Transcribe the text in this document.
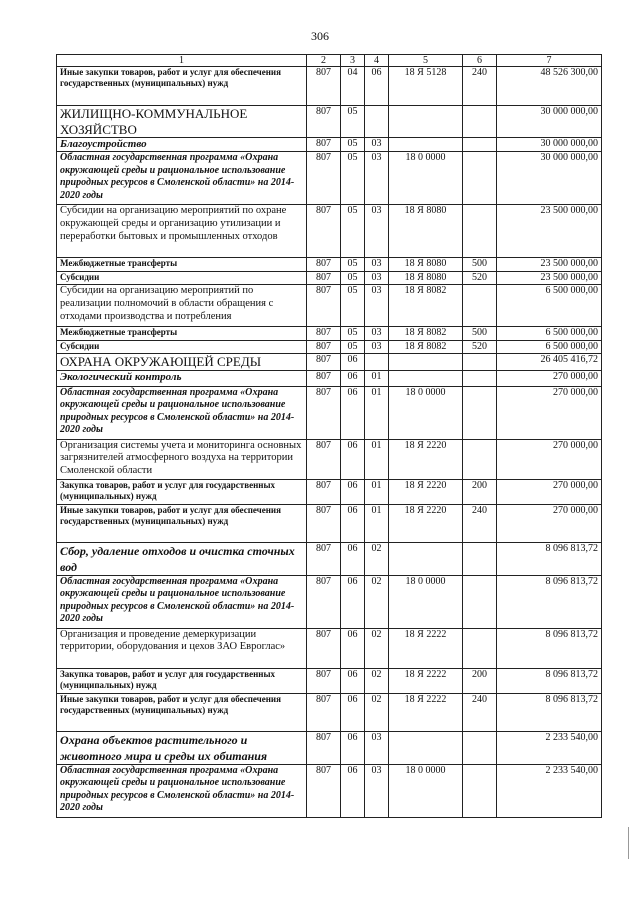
306
1	2	3	4	5	6	7
Иные закупки товаров, работ и услуг для обеспечения государственных (муниципальных) нужд	807	04	06	18 Я 5128	240	48 526 300,00
ЖИЛИЩНО-КОММУНАЛЬНОЕ ХОЗЯЙСТВО	807	05				30 000 000,00
Благоустройство	807	05	03			30 000 000,00
Областная государственная программа «Охрана окружающей среды и рациональное использование природных ресурсов в Смоленской области» на 2014-2020 годы	807	05	03	18 0 0000		30 000 000,00
Субсидии на организацию мероприятий по охране окружающей среды и организацию утилизации и переработки бытовых и промышленных отходов	807	05	03	18 Я 8080		23 500 000,00
Межбюджетные трансферты	807	05	03	18 Я 8080	500	23 500 000,00
Субсидии	807	05	03	18 Я 8080	520	23 500 000,00
Субсидии на организацию мероприятий по реализации полномочий в области обращения с отходами производства и потребления	807	05	03	18 Я 8082		6 500 000,00
Межбюджетные трансферты	807	05	03	18 Я 8082	500	6 500 000,00
Субсидии	807	05	03	18 Я 8082	520	6 500 000,00
ОХРАНА ОКРУЖАЮЩЕЙ СРЕДЫ	807	06				26 405 416,72
Экологический контроль	807	06	01			270 000,00
Областная государственная программа «Охрана окружающей среды и рациональное использование природных ресурсов в Смоленской области» на 2014-2020 годы	807	06	01	18 0 0000		270 000,00
Организация системы учета и мониторинга основных загрязнителей атмосферного воздуха на территории Смоленской области	807	06	01	18 Я 2220		270 000,00
Закупка товаров, работ и услуг для государственных (муниципальных) нужд	807	06	01	18 Я 2220	200	270 000,00
Иные закупки товаров, работ и услуг для обеспечения государственных (муниципальных) нужд	807	06	01	18 Я 2220	240	270 000,00
Сбор, удаление отходов и очистка сточных вод	807	06	02			8 096 813,72
Областная государственная программа «Охрана окружающей среды и рациональное использование природных ресурсов в Смоленской области» на 2014-2020 годы	807	06	02	18 0 0000		8 096 813,72
Организация и проведение демеркуризации территории, оборудования и цехов ЗАО Евроглас»	807	06	02	18 Я 2222		8 096 813,72
Закупка товаров, работ и услуг для государственных (муниципальных) нужд	807	06	02	18 Я 2222	200	8 096 813,72
Иные закупки товаров, работ и услуг для обеспечения государственных (муниципальных) нужд	807	06	02	18 Я 2222	240	8 096 813,72
Охрана объектов растительного и животного мира и среды их обитания	807	06	03			2 233 540,00
Областная государственная программа «Охрана окружающей среды и рациональное использование природных ресурсов в Смоленской области» на 2014-2020 годы	807	06	03	18 0 0000		2 233 540,00
